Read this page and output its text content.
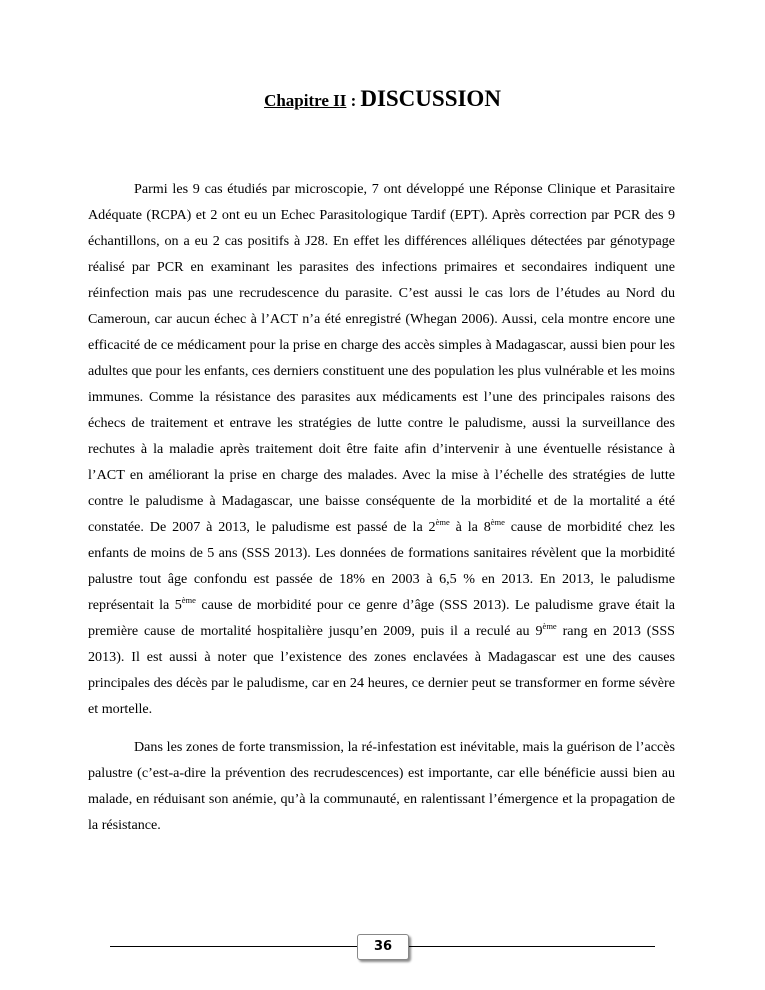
Chapitre II : DISCUSSION

Parmi les 9 cas étudiés par microscopie, 7 ont développé une Réponse Clinique et Parasitaire Adéquate (RCPA) et 2 ont eu un Echec Parasitologique Tardif (EPT). Après correction par PCR des 9 échantillons, on a eu 2 cas positifs à J28. En effet les différences alléliques détectées par génotypage réalisé par PCR en examinant les parasites des infections primaires et secondaires indiquent une réinfection mais pas une recrudescence du parasite. C’est aussi le cas lors de l’études au Nord du Cameroun, car aucun échec à l’ACT n’a été enregistré (Whegan 2006). Aussi, cela montre encore une efficacité de ce médicament pour la prise en charge des accès simples à Madagascar, aussi bien pour les adultes que pour les enfants, ces derniers constituent une des population les plus vulnérable et les moins immunes. Comme la résistance des parasites aux médicaments est l’une des principales raisons des échecs de traitement et entrave les stratégies de lutte contre le paludisme, aussi la surveillance des rechutes à la maladie après traitement doit être faite afin d’intervenir à une éventuelle résistance à l’ACT en améliorant la prise en charge des malades. Avec la mise à l’échelle des stratégies de lutte contre le paludisme à Madagascar, une baisse conséquente de la morbidité et de la mortalité a été constatée. De 2007 à 2013, le paludisme est passé de la 2ème à la 8ème cause de morbidité chez les enfants de moins de 5 ans (SSS 2013). Les données de formations sanitaires révèlent que la morbidité palustre tout âge confondu est passée de 18% en 2003 à 6,5 % en 2013. En 2013, le paludisme représentait la 5ème cause de morbidité pour ce genre d’âge (SSS 2013). Le paludisme grave était la première cause de mortalité hospitalière jusqu’en 2009, puis il a reculé au 9ème rang en 2013 (SSS 2013). Il est aussi à noter que l’existence des zones enclavées à Madagascar est une des causes principales des décès par le paludisme, car en 24 heures, ce dernier peut se transformer en forme sévère et mortelle.

Dans les zones de forte transmission, la ré-infestation est inévitable, mais la guérison de l’accès palustre (c’est-a-dire la prévention des recrudescences) est importante, car elle bénéficie aussi bien au malade, en réduisant son anémie, qu’à la communauté, en ralentissant l’émergence et la propagation de la résistance.

36
